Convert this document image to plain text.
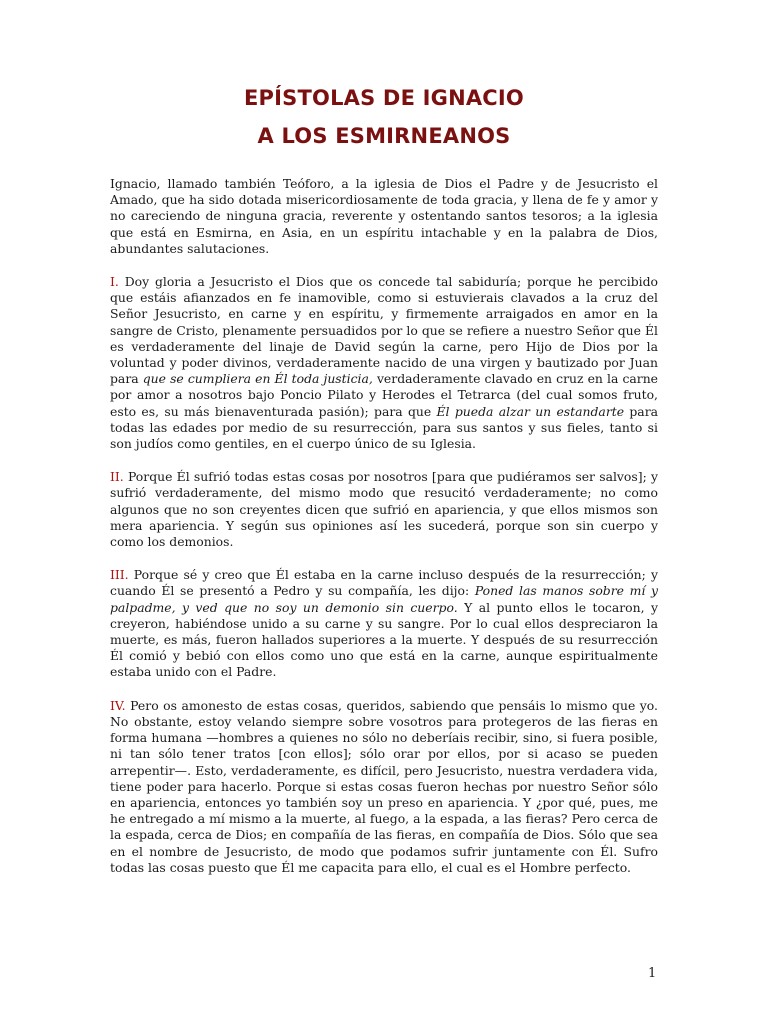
EPÍSTOLAS DE IGNACIO
A LOS ESMIRNEANOS

Ignacio, llamado también Teóforo, a la iglesia de Dios el Padre y de Jesucristo el Amado, que ha sido dotada misericordiosamente de toda gracia, y llena de fe y amor y no careciendo de ninguna gracia, reverente y ostentando santos tesoros; a la iglesia que está en Esmirna, en Asia, en un espíritu intachable y en la palabra de Dios, abundantes salutaciones.

I. Doy gloria a Jesucristo el Dios que os concede tal sabiduría; porque he percibido que estáis afianzados en fe inamovible, como si estuvierais clavados a la cruz del Señor Jesucristo, en carne y en espíritu, y firmemente arraigados en amor en la sangre de Cristo, plenamente persuadidos por lo que se refiere a nuestro Señor que Él es verdaderamente del linaje de David según la carne, pero Hijo de Dios por la voluntad y poder divinos, verdaderamente nacido de una virgen y bautizado por Juan para que se cumpliera en Él toda justicia, verdaderamente clavado en cruz en la carne por amor a nosotros bajo Poncio Pilato y Herodes el Tetrarca (del cual somos fruto, esto es, su más bienaventurada pasión); para que Él pueda alzar un estandarte para todas las edades por medio de su resurrección, para sus santos y sus fieles, tanto si son judíos como gentiles, en el cuerpo único de su Iglesia.

II. Porque Él sufrió todas estas cosas por nosotros [para que pudiéramos ser salvos]; y sufrió verdaderamente, del mismo modo que resucitó verdaderamente; no como algunos que no son creyentes dicen que sufrió en apariencia, y que ellos mismos son mera apariencia. Y según sus opiniones así les sucederá, porque son sin cuerpo y como los demonios.

III. Porque sé y creo que Él estaba en la carne incluso después de la resurrección; y cuando Él se presentó a Pedro y su compañía, les dijo: Poned las manos sobre mí y palpadme, y ved que no soy un demonio sin cuerpo. Y al punto ellos le tocaron, y creyeron, habiéndose unido a su carne y su sangre. Por lo cual ellos despreciaron la muerte, es más, fueron hallados superiores a la muerte. Y después de su resurrección Él comió y bebió con ellos como uno que está en la carne, aunque espiritualmente estaba unido con el Padre.

IV. Pero os amonesto de estas cosas, queridos, sabiendo que pensáis lo mismo que yo. No obstante, estoy velando siempre sobre vosotros para protegeros de las fieras en forma humana —hombres a quienes no sólo no deberíais recibir, sino, si fuera posible, ni tan sólo tener tratos [con ellos]; sólo orar por ellos, por si acaso se pueden arrepentir—. Esto, verdaderamente, es difícil, pero Jesucristo, nuestra verdadera vida, tiene poder para hacerlo. Porque si estas cosas fueron hechas por nuestro Señor sólo en apariencia, entonces yo también soy un preso en apariencia. Y ¿por qué, pues, me he entregado a mí mismo a la muerte, al fuego, a la espada, a las fieras? Pero cerca de la espada, cerca de Dios; en compañía de las fieras, en compañía de Dios. Sólo que sea en el nombre de Jesucristo, de modo que podamos sufrir juntamente con Él. Sufro todas las cosas puesto que Él me capacita para ello, el cual es el Hombre perfecto.

1
